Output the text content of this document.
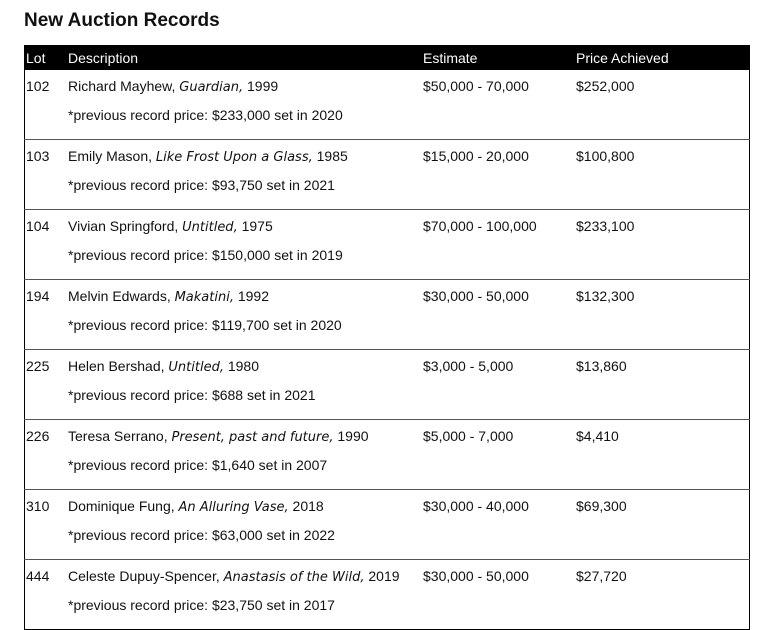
New Auction Records
Lot	Description	Estimate	Price Achieved
102	Richard Mayhew, Guardian, 1999	$50,000 - 70,000	$252,000

	*previous record price: $233,000 set in 2020		

103	Emily Mason, Like Frost Upon a Glass, 1985	$15,000 - 20,000	$100,800

	*previous record price: $93,750 set in 2021		

104	Vivian Springford, Untitled, 1975	$70,000 - 100,000	$233,100

	*previous record price: $150,000 set in 2019		

194	Melvin Edwards, Makatini, 1992	$30,000 - 50,000	$132,300

	*previous record price: $119,700 set in 2020		

225	Helen Bershad, Untitled, 1980	$3,000 - 5,000	$13,860

	*previous record price: $688 set in 2021		

226	Teresa Serrano, Present, past and future, 1990	$5,000 - 7,000	$4,410

	*previous record price: $1,640 set in 2007		

310	Dominique Fung, An Alluring Vase, 2018	$30,000 - 40,000	$69,300

	*previous record price: $63,000 set in 2022		

444	Celeste Dupuy-Spencer, Anastasis of the Wild, 2019	$30,000 - 50,000	$27,720

	*previous record price: $23,750 set in 2017		
